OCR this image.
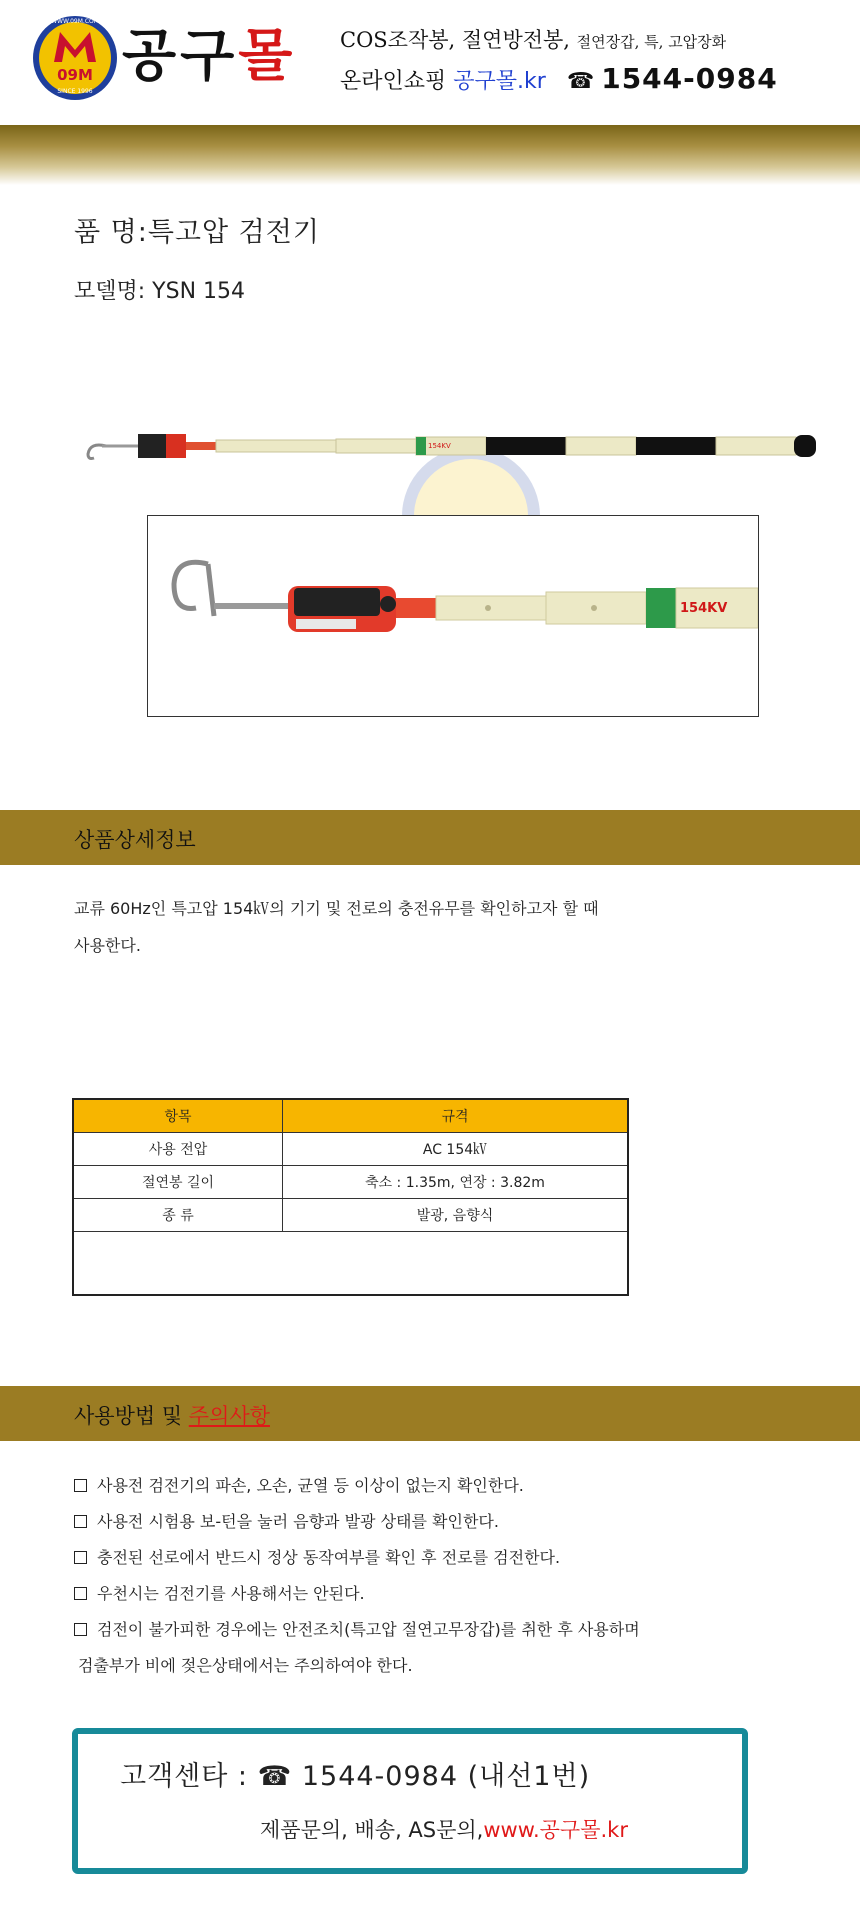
WWW.09M.COM
09M
SINCE 1996
공구몰 COS조작봉, 절연방전봉, 절연장갑, 특, 고압장화
온라인쇼핑 공구몰.kr ☎ 1544-0984
품 명:특고압 검전기
모델명: YSN 154
154KV
154KV
상품상세정보
교류 60Hz인 특고압 154㎸의 기기 및 전로의 충전유무를 확인하고자 할 때
사용한다.
항목	규격
사용 전압	AC 154㎸
절연봉 길이	축소 : 1.35m, 연장 : 3.82m
종 류	발광, 음향식

사용방법 및 주의사항
사용전 검전기의 파손, 오손, 균열 등 이상이 없는지 확인한다.
사용전 시험용 보-턴을 눌러 음향과 발광 상태를 확인한다.
충전된 선로에서 반드시 정상 동작여부를 확인 후 전로를 검전한다.
우천시는 검전기를 사용해서는 안된다.
검전이 불가피한 경우에는 안전조치(특고압 절연고무장갑)를 취한 후 사용하며
검출부가 비에 젖은상태에서는 주의하여야 한다.
고객센타 : ☎ 1544-0984 (내선1번)
제품문의, 배송, AS문의,www.공구몰.kr
